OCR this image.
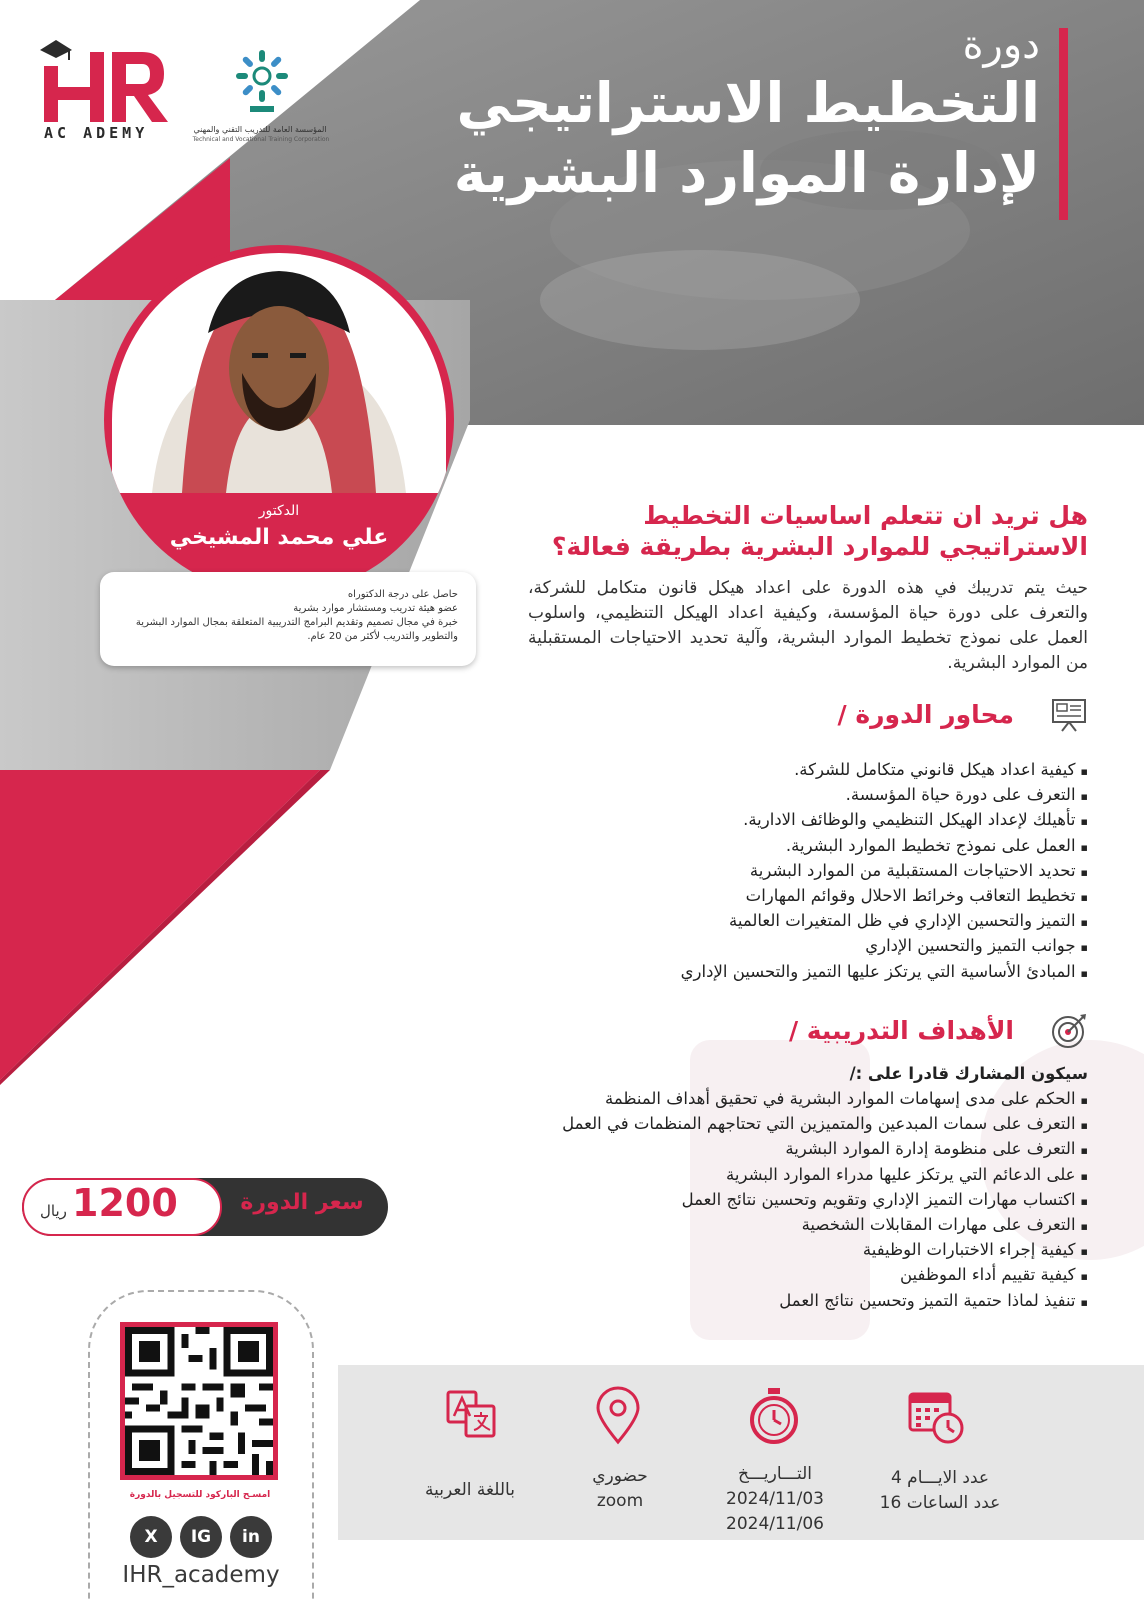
دورة
التخطيط الاستراتيجي
لإدارة الموارد البشرية
AC ADEMY	المؤسسة العامة للتدريب التقني والمهني
Technical and Vocational Training Corporation
الدكتور
علي محمد المشيخي
حاصل على درجة الدكتوراه
عضو هيئة تدريب ومستشار موارد بشرية
خبرة في مجال تصميم وتقديم البرامج التدريبية المتعلقة بمجال الموارد البشرية
والتطوير والتدريب لأكثر من 20 عام.
هل تريد ان تتعلم اساسيات التخطيط
الاستراتيجي للموارد البشرية بطريقة فعالة؟
حيث يتم تدريبك في هذه الدورة على اعداد هيكل قانون متكامل للشركة، والتعرف على دورة حياة المؤسسة، وكيفية اعداد الهيكل التنظيمي، واسلوب العمل على نموذج تخطيط الموارد البشرية، وآلية تحديد الاحتياجات المستقبلية من الموارد البشرية.
محاور الدورة /
▪ كيفية اعداد هيكل قانوني متكامل للشركة.
▪ التعرف على دورة حياة المؤسسة.
▪ تأهيلك لإعداد الهيكل التنظيمي والوظائف الادارية.
▪ العمل على نموذج تخطيط الموارد البشرية.
▪ تحديد الاحتياجات المستقبلية من الموارد البشرية
▪ تخطيط التعاقب وخرائط الاحلال وقوائم المهارات
▪ التميز والتحسين الإداري في ظل المتغيرات العالمية
▪ جوانب التميز والتحسين الإداري
▪ المبادئ الأساسية التي يرتكز عليها التميز والتحسين الإداري
الأهداف التدريبية /
سيكون المشارك قادرا على :/
▪ الحكم على مدى إسهامات الموارد البشرية في تحقيق أهداف المنظمة
▪ التعرف على سمات المبدعين والمتميزين التي تحتاجهم المنظمات في العمل
▪ التعرف على منظومة إدارة الموارد البشرية
▪ على الدعائم التي يرتكز عليها مدراء الموارد البشرية
▪ اكتساب مهارات التميز الإداري وتقويم وتحسين نتائج العمل
▪ التعرف على مهارات المقابلات الشخصية
▪ كيفية إجراء الاختبارات الوظيفية
▪ كيفية تقييم أداء الموظفين
▪ تنفيذ لماذا حتمية التميز وتحسين نتائج العمل
1200
ريال	سعر الدورة
امسـح الباركود للتسجيل بالدورة
X	IG	in
IHR_academy
عدد الايـــام 4
عدد الساعات 16
التـــاريـــخ
2024/11/03
2024/11/06
حضوري
zoom
باللغة العربية
